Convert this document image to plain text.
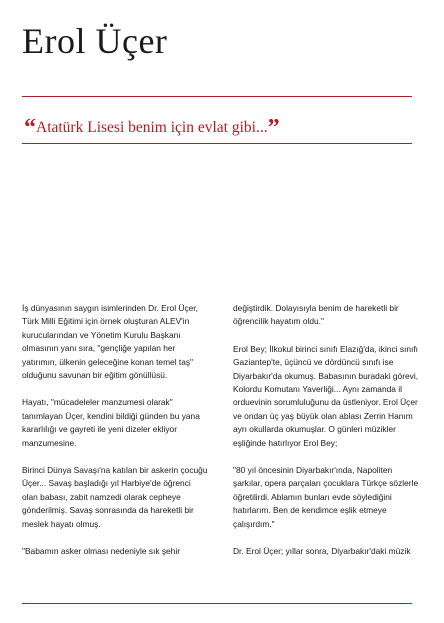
Erol Üçer
“Atatürk Lisesi benim için evlat gibi...”

İş dünyasının saygın isimlerinden Dr. Erol Üçer, Türk Milli Eğitimi için örnek oluşturan ALEV'in kurucularından ve Yönetim Kurulu Başkanı olmasının yanı sıra, "gençliğe yapılan her yatırımın, ülkenin geleceğine konan temel taş" olduğunu savunan bir eğitim gönüllüsü.

Hayatı, "mücadeleler manzumesi olarak" tanımlayan Üçer, kendini bildiği günden bu yana kararlılığı ve gayreti ile yeni dizeler ekliyor manzumesine.

Birinci Dünya Savaşı'na katılan bir askerin çocuğu Üçer... Savaş başladığı yıl Harbiye'de öğrenci olan babası, zabit namzedi olarak cepheye gönderilmiş. Savaş sonrasında da hareketli bir meslek hayatı olmuş.

"Babamın asker olması nedeniyle sık şehir

değiştirdik. Dolayısıyla benim de hareketli bir öğrencilik hayatım oldu."

Erol Bey; İlkokul birinci sınıfı Elazığ'da, ikinci sınıfı Gaziantep'te, üçüncü ve dördüncü sınıfı ise Diyarbakır'da okumuş. Babasının buradaki görevi, Kolordu Komutanı Yaverliği... Aynı zamanda il orduevinin sorumluluğunu da üstleniyor. Erol Üçer ve ondan üç yaş büyük olan ablası Zerrin Hanım ayrı okullarda okumuşlar. O günleri müzikler eşliğinde hatırlıyor Erol Bey;

"80 yıl öncesinin Diyarbakır'ında, Napoliten şarkılar, opera parçaları çocuklara Türkçe sözlerle öğretilirdi. Ablamın bunları evde söylediğini hatırlarım. Ben de kendimce eşlik etmeye çalışırdım."

Dr. Erol Üçer; yıllar sonra, Diyarbakır'daki müzik
